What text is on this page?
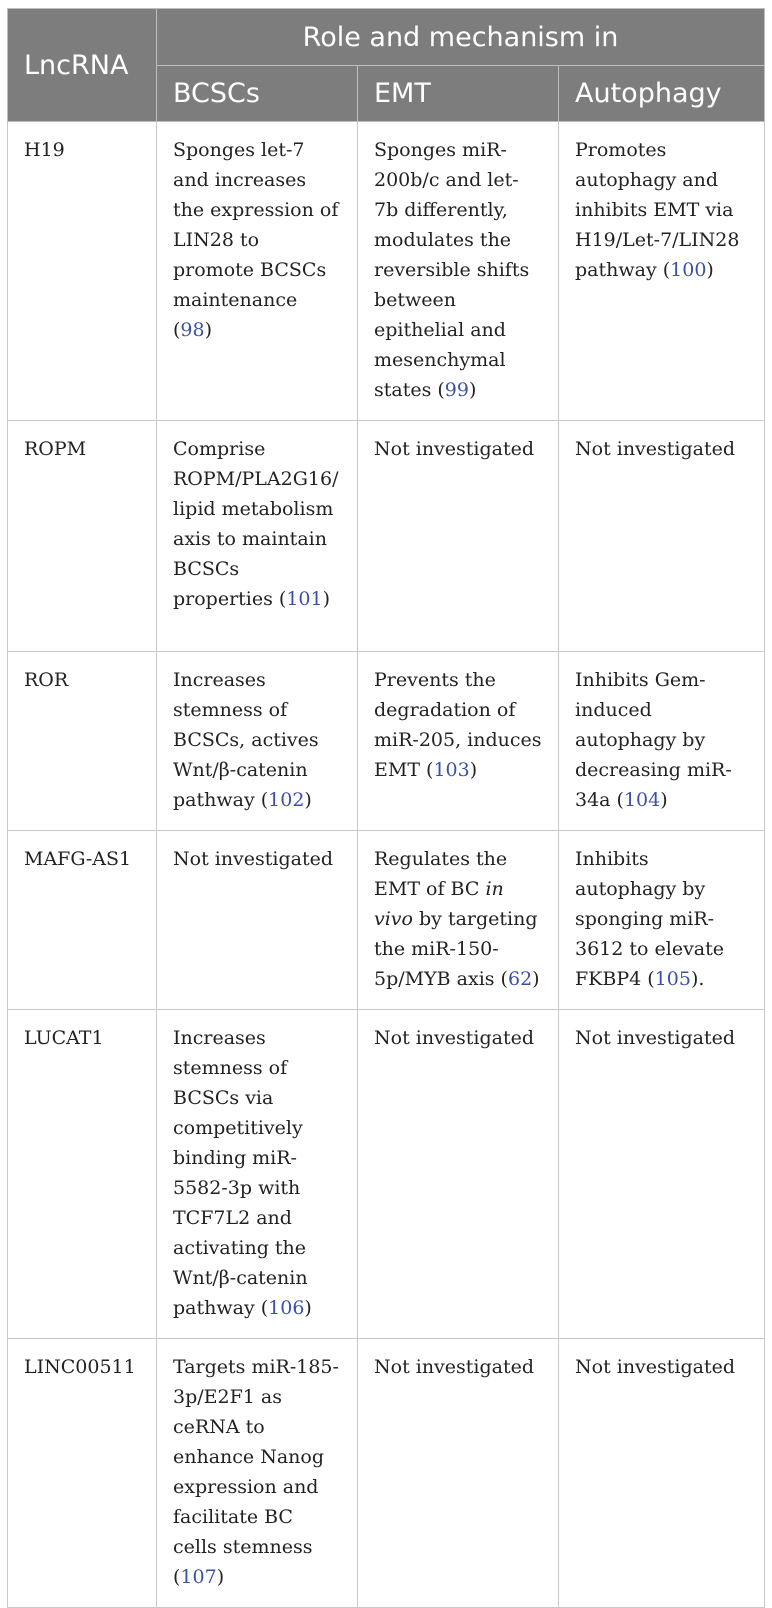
LncRNA	Role and mechanism in		
	BCSCs	EMT	Autophagy
H19	Sponges let-7 and increases the expression of LIN28 to promote BCSCs maintenance (98)	Sponges miR-200b/c and let-7b differently, modulates the reversible shifts between epithelial and mesenchymal states (99)	Promotes autophagy and inhibits EMT via H19/Let-7/LIN28 pathway (100)
ROPM	Comprise ROPM/PLA2G16/lipid metabolism axis to maintain BCSCs properties (101)	Not investigated	Not investigated
ROR	Increases stemness of BCSCs, actives Wnt/β-catenin pathway (102)	Prevents the degradation of miR-205, induces EMT (103)	Inhibits Gem-induced autophagy by decreasing miR-34a (104)
MAFG-AS1	Not investigated	Regulates the EMT of BC in vivo by targeting the miR-150-5p/MYB axis (62)	Inhibits autophagy by sponging miR-3612 to elevate FKBP4 (105).
LUCAT1	Increases stemness of BCSCs via competitively binding miR-5582-3p with TCF7L2 and activating the Wnt/β-catenin pathway (106)	Not investigated	Not investigated
LINC00511	Targets miR-185-3p/E2F1 as ceRNA to enhance Nanog expression and facilitate BC cells stemness (107)	Not investigated	Not investigated
